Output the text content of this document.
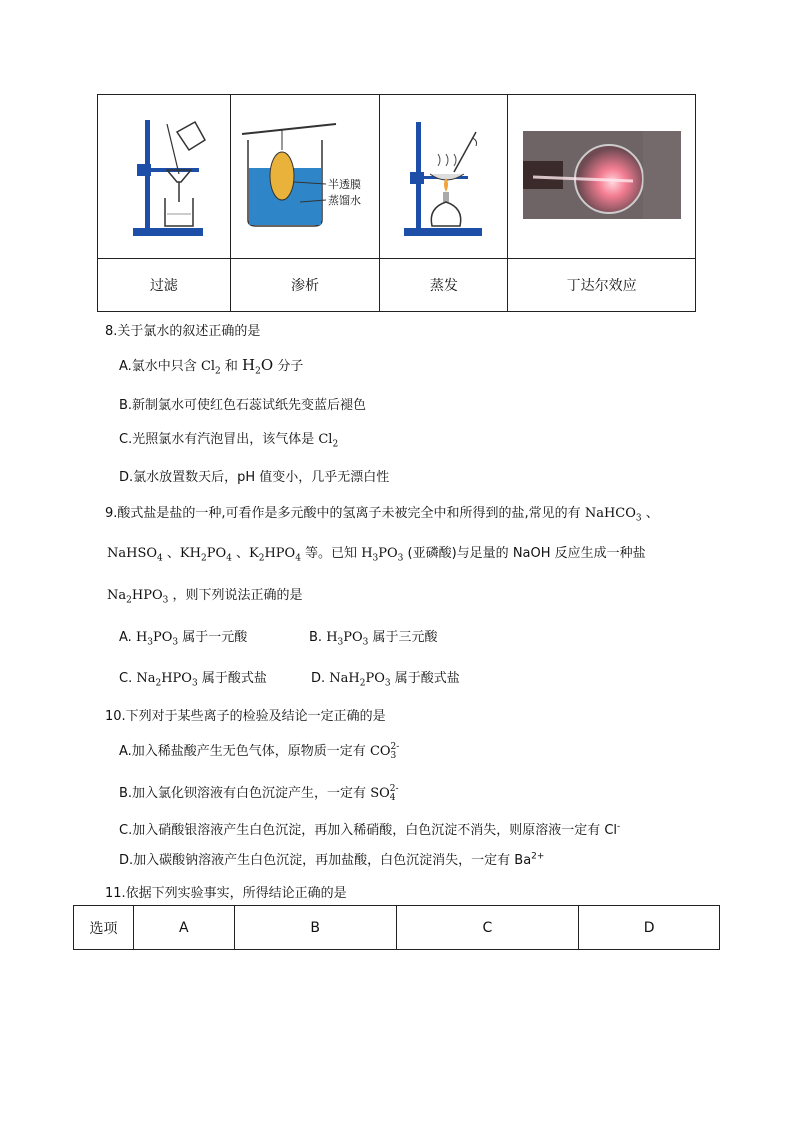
半透膜
蒸馏水

过滤	渗析	蒸发	丁达尔效应
8.关于氯水的叙述正确的是
A.氯水中只含 $Cl_2$ 和 $H_2O$ 分子
B.新制氯水可使红色石蕊试纸先变蓝后褪色
C.光照氯水有汽泡冒出，该气体是 $Cl_2$
D.氯水放置数天后，pH 值变小，几乎无漂白性
9.酸式盐是盐的一种,可看作是多元酸中的氢离子未被完全中和所得到的盐,常见的有 NaHCO$_3$ 、
NaHSO$_4$ 、$KH_2PO_4$ 、$K_2HPO_4$ 等。已知 $H_3PO_3$ (亚磷酸)与足量的 NaOH 反应生成一种盐
$Na_2HPO_3$ ，则下列说法正确的是
A. $H_3PO_3$ 属于一元酸	B. $H_3PO_3$ 属于三元酸
C. $Na_2HPO_3$ 属于酸式盐	D. $NaH_2PO_3$ 属于酸式盐
10.下列对于某些离子的检验及结论一定正确的是
A.加入稀盐酸产生无色气体，原物质一定有 CO 2-
3
B.加入氯化钡溶液有白色沉淀产生，一定有 SO 2-
4
C.加入硝酸银溶液产生白色沉淀，再加入稀硝酸，白色沉淀不消失，则原溶液一定有 Cl-
D.加入碳酸钠溶液产生白色沉淀，再加盐酸，白色沉淀消失，一定有 $Ba^{2+}$
11.依据下列实验事实，所得结论正确的是
选项	A	B	C	D
